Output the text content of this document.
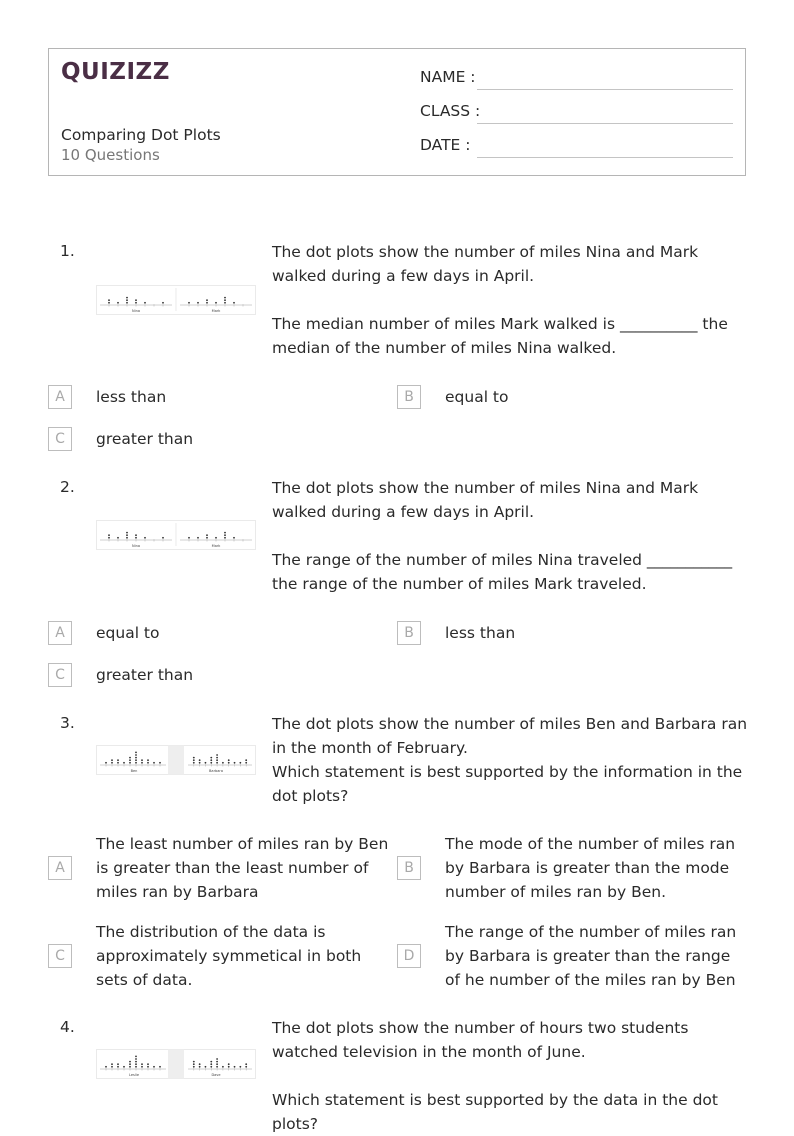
QUIZIZZ
Comparing Dot Plots
10 Questions
NAME :
CLASS :
DATE :
1.
Nina	Mark

The dot plots show the number of miles Nina and Mark walked during a few days in April.

The median number of miles Mark walked is __________ the median of the number of miles Nina walked.

A	less than	B	equal to
C	greater than
2.
Nina	Mark

The dot plots show the number of miles Nina and Mark walked during a few days in April.

The range of the number of miles Nina traveled ___________ the range of the number of miles Mark traveled.

A	equal to	B	less than
C	greater than
3.
Ben	Barbara

The dot plots show the number of miles Ben and Barbara ran in the month of February.

Which statement is best supported by the information in the dot plots?

A
The least number of miles ran by Ben is greater than the least number of miles ran by Barbara
B
The mode of the number of miles ran by Barbara is greater than the mode number of miles ran by Ben.
C
The distribution of the data is approximately symmetical in both sets of data.
D
The range of the number of miles ran by Barbara is greater than the range of he number of the miles ran by Ben
4.
Leslie	Dave

The dot plots show the number of hours two students watched television in the month of June.

Which statement is best supported by the data in the dot plots?
